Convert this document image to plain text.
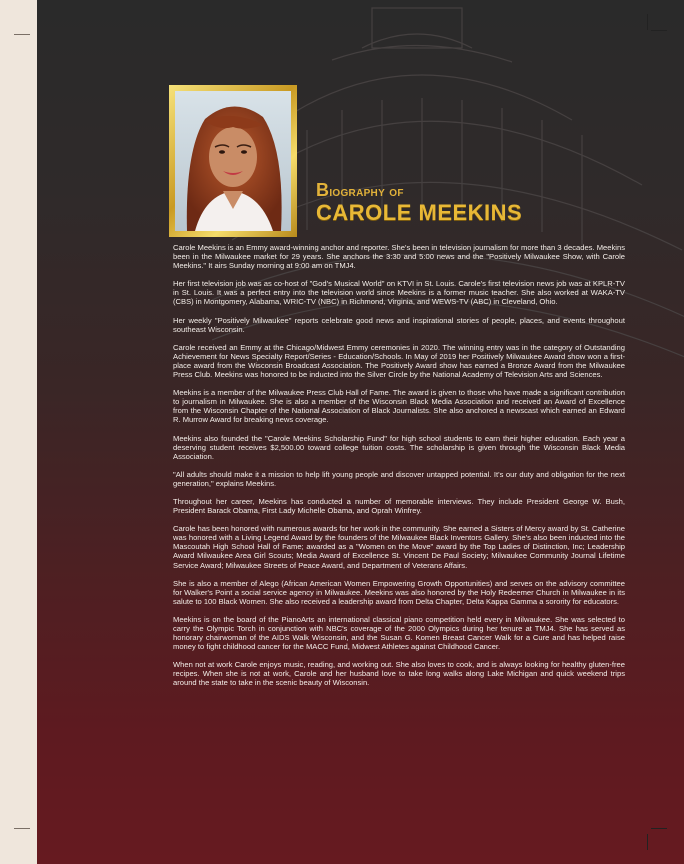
Biography of
CAROLE MEEKINS

Carole Meekins is an Emmy award-winning anchor and reporter. She's been in television journalism for more than 3 decades. Meekins been in the Milwaukee market for 29 years. She anchors the 3:30 and 5:00 news and the "Positively Milwaukee Show, with Carole Meekins." It airs Sunday morning at 9:00 am on TMJ4.

Her first television job was as co-host of "God's Musical World" on KTVI in St. Louis. Carole's first television news job was at KPLR-TV in St. Louis. It was a perfect entry into the television world since Meekins is a former music teacher. She also worked at WAKA-TV (CBS) in Montgomery, Alabama, WRIC-TV (NBC) in Richmond, Virginia, and WEWS-TV (ABC) in Cleveland, Ohio.

Her weekly "Positively Milwaukee" reports celebrate good news and inspirational stories of people, places, and events throughout southeast Wisconsin.

Carole received an Emmy at the Chicago/Midwest Emmy ceremonies in 2020. The winning entry was in the category of Outstanding Achievement for News Specialty Report/Series - Education/Schools. In May of 2019 her Positively Milwaukee Award show won a first-place award from the Wisconsin Broadcast Association. The Positively Award show has earned a Bronze Award from the Milwaukee Press Club. Meekins was honored to be inducted into the Silver Circle by the National Academy of Television Arts and Sciences.

Meekins is a member of the Milwaukee Press Club Hall of Fame. The award is given to those who have made a significant contribution to journalism in Milwaukee. She is also a member of the Wisconsin Black Media Association and received an Award of Excellence from the Wisconsin Chapter of the National Association of Black Journalists. She also anchored a newscast which earned an Edward R. Murrow Award for breaking news coverage.

Meekins also founded the "Carole Meekins Scholarship Fund" for high school students to earn their higher education. Each year a deserving student receives $2,500.00 toward college tuition costs. The scholarship is given through the Wisconsin Black Media Association.

"All adults should make it a mission to help lift young people and discover untapped potential. It's our duty and obligation for the next generation," explains Meekins.

Throughout her career, Meekins has conducted a number of memorable interviews. They include President George W. Bush, President Barack Obama, First Lady Michelle Obama, and Oprah Winfrey.

Carole has been honored with numerous awards for her work in the community. She earned a Sisters of Mercy award by St. Catherine was honored with a Living Legend Award by the founders of the Milwaukee Black Inventors Gallery. She's also been inducted into the Mascoutah High School Hall of Fame; awarded as a "Women on the Move" award by the Top Ladies of Distinction, Inc; Leadership Award Milwaukee Area Girl Scouts; Media Award of Excellence St. Vincent De Paul Society; Milwaukee Community Journal Lifetime Service Award; Milwaukee Streets of Peace Award, and Department of Veterans Affairs.

She is also a member of Alego (African American Women Empowering Growth Opportunities) and serves on the advisory committee for Walker's Point a social service agency in Milwaukee. Meekins was also honored by the Holy Redeemer Church in Milwaukee in its salute to 100 Black Women. She also received a leadership award from Delta Chapter, Delta Kappa Gamma a sorority for educators.

Meekins is on the board of the PianoArts an international classical piano competition held every in Milwaukee. She was selected to carry the Olympic Torch in conjunction with NBC's coverage of the 2000 Olympics during her tenure at TMJ4. She has served as honorary chairwoman of the AIDS Walk Wisconsin, and the Susan G. Komen Breast Cancer Walk for a Cure and has helped raise money to fight childhood cancer for the MACC Fund, Midwest Athletes against Childhood Cancer.

When not at work Carole enjoys music, reading, and working out. She also loves to cook, and is always looking for healthy gluten-free recipes. When she is not at work, Carole and her husband love to take long walks along Lake Michigan and quick weekend trips around the state to take in the scenic beauty of Wisconsin.
